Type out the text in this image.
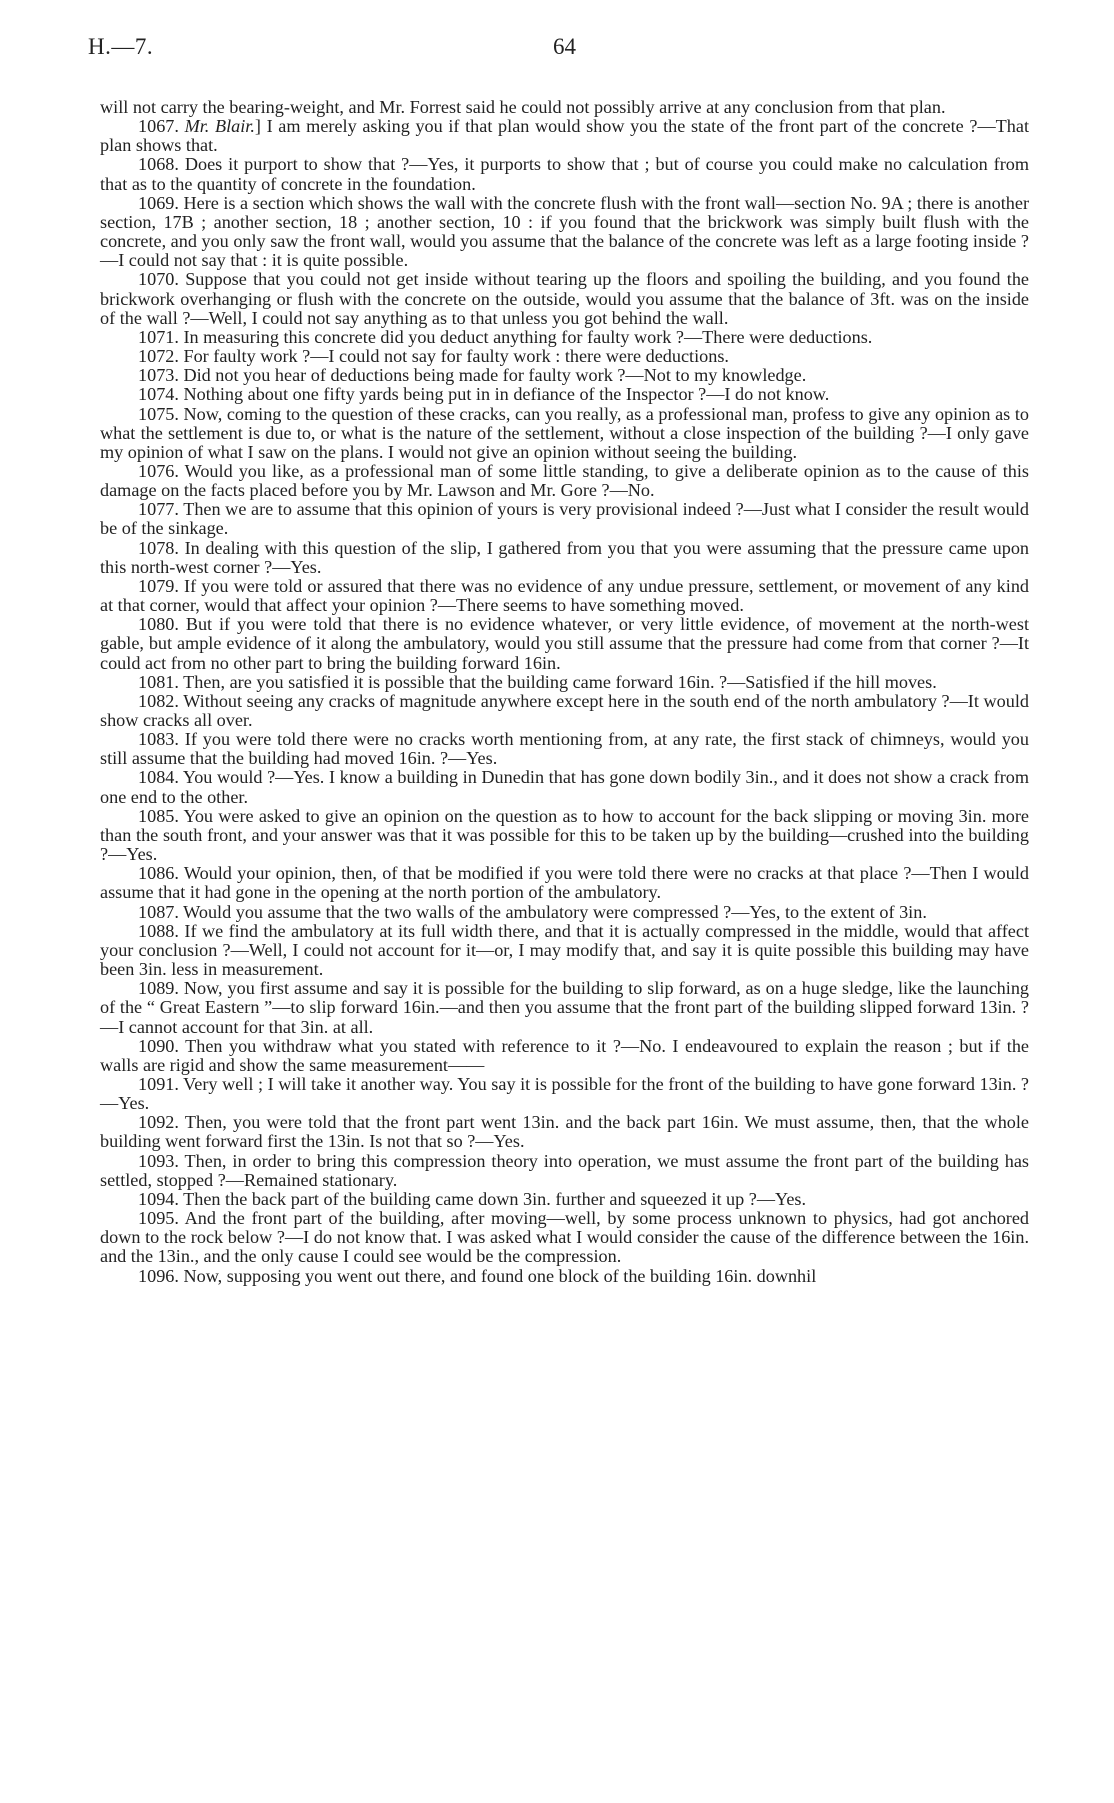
H.—7.	64

will not carry the bearing-weight, and Mr. Forrest said he could not possibly arrive at any conclusion from that plan.

1067. Mr. Blair.] I am merely asking you if that plan would show you the state of the front part of the concrete ?—That plan shows that.

1068. Does it purport to show that ?—Yes, it purports to show that ; but of course you could make no calculation from that as to the quantity of concrete in the foundation.

1069. Here is a section which shows the wall with the concrete flush with the front wall—section No. 9A ; there is another section, 17B ; another section, 18 ; another section, 10 : if you found that the brickwork was simply built flush with the concrete, and you only saw the front wall, would you assume that the balance of the concrete was left as a large footing inside ?—I could not say that : it is quite possible.

1070. Suppose that you could not get inside without tearing up the floors and spoiling the building, and you found the brickwork overhanging or flush with the concrete on the outside, would you assume that the balance of 3ft. was on the inside of the wall ?—Well, I could not say anything as to that unless you got behind the wall.

1071. In measuring this concrete did you deduct anything for faulty work ?—There were deductions.

1072. For faulty work ?—I could not say for faulty work : there were deductions.

1073. Did not you hear of deductions being made for faulty work ?—Not to my knowledge.

1074. Nothing about one fifty yards being put in in defiance of the Inspector ?—I do not know.

1075. Now, coming to the question of these cracks, can you really, as a professional man, profess to give any opinion as to what the settlement is due to, or what is the nature of the settlement, without a close inspection of the building ?—I only gave my opinion of what I saw on the plans. I would not give an opinion without seeing the building.

1076. Would you like, as a professional man of some little standing, to give a deliberate opinion as to the cause of this damage on the facts placed before you by Mr. Lawson and Mr. Gore ?—No.

1077. Then we are to assume that this opinion of yours is very provisional indeed ?—Just what I consider the result would be of the sinkage.

1078. In dealing with this question of the slip, I gathered from you that you were assuming that the pressure came upon this north-west corner ?—Yes.

1079. If you were told or assured that there was no evidence of any undue pressure, settlement, or movement of any kind at that corner, would that affect your opinion ?—There seems to have something moved.

1080. But if you were told that there is no evidence whatever, or very little evidence, of movement at the north-west gable, but ample evidence of it along the ambulatory, would you still assume that the pressure had come from that corner ?—It could act from no other part to bring the building forward 16in.

1081. Then, are you satisfied it is possible that the building came forward 16in. ?—Satisfied if the hill moves.

1082. Without seeing any cracks of magnitude anywhere except here in the south end of the north ambulatory ?—It would show cracks all over.

1083. If you were told there were no cracks worth mentioning from, at any rate, the first stack of chimneys, would you still assume that the building had moved 16in. ?—Yes.

1084. You would ?—Yes. I know a building in Dunedin that has gone down bodily 3in., and it does not show a crack from one end to the other.

1085. You were asked to give an opinion on the question as to how to account for the back slipping or moving 3in. more than the south front, and your answer was that it was possible for this to be taken up by the building—crushed into the building ?—Yes.

1086. Would your opinion, then, of that be modified if you were told there were no cracks at that place ?—Then I would assume that it had gone in the opening at the north portion of the ambulatory.

1087. Would you assume that the two walls of the ambulatory were compressed ?—Yes, to the extent of 3in.

1088. If we find the ambulatory at its full width there, and that it is actually compressed in the middle, would that affect your conclusion ?—Well, I could not account for it—or, I may modify that, and say it is quite possible this building may have been 3in. less in measurement.

1089. Now, you first assume and say it is possible for the building to slip forward, as on a huge sledge, like the launching of the “ Great Eastern ”—to slip forward 16in.—and then you assume that the front part of the building slipped forward 13in. ?—I cannot account for that 3in. at all.

1090. Then you withdraw what you stated with reference to it ?—No. I endeavoured to explain the reason ; but if the walls are rigid and show the same measurement——

1091. Very well ; I will take it another way. You say it is possible for the front of the building to have gone forward 13in. ?—Yes.

1092. Then, you were told that the front part went 13in. and the back part 16in. We must assume, then, that the whole building went forward first the 13in. Is not that so ?—Yes.

1093. Then, in order to bring this compression theory into operation, we must assume the front part of the building has settled, stopped ?—Remained stationary.

1094. Then the back part of the building came down 3in. further and squeezed it up ?—Yes.

1095. And the front part of the building, after moving—well, by some process unknown to physics, had got anchored down to the rock below ?—I do not know that. I was asked what I would consider the cause of the difference between the 16in. and the 13in., and the only cause I could see would be the compression.

1096. Now, supposing you went out there, and found one block of the building 16in. downhil
